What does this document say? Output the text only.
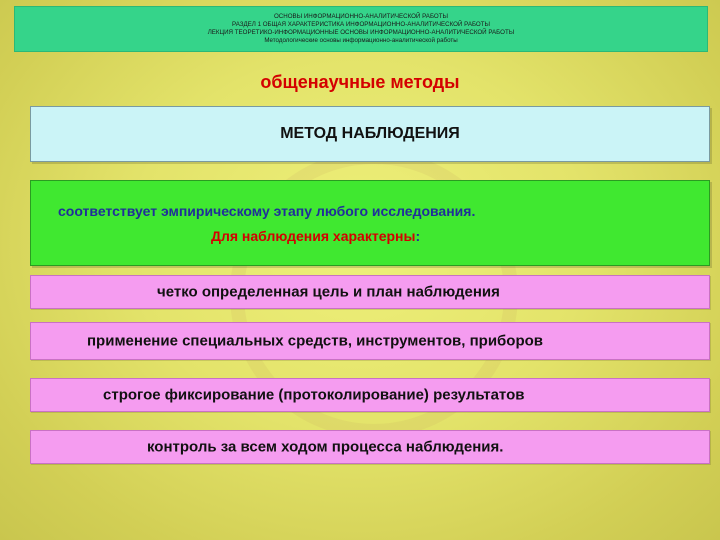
ОСНОВЫ ИНФОРМАЦИОННО-АНАЛИТИЧЕСКОЙ РАБОТЫ
РАЗДЕЛ 1 ОБЩАЯ ХАРАКТЕРИСТИКА ИНФОРМАЦИОННО-АНАЛИТИЧЕСКОЙ РАБОТЫ
ЛЕКЦИЯ ТЕОРЕТИКО-ИНФОРМАЦИОННЫЕ ОСНОВЫ ИНФОРМАЦИОННО-АНАЛИТИЧЕСКОЙ РАБОТЫ
Методологические основы информационно-аналитической работы
общенаучные методы
МЕТОД НАБЛЮДЕНИЯ
соответствует эмпирическому этапу любого исследования.
Для наблюдения характерны:
четко определенная цель и план наблюдения
применение специальных средств, инструментов, приборов
строгое фиксирование (протоколирование) результатов
контроль за всем ходом процесса наблюдения.
